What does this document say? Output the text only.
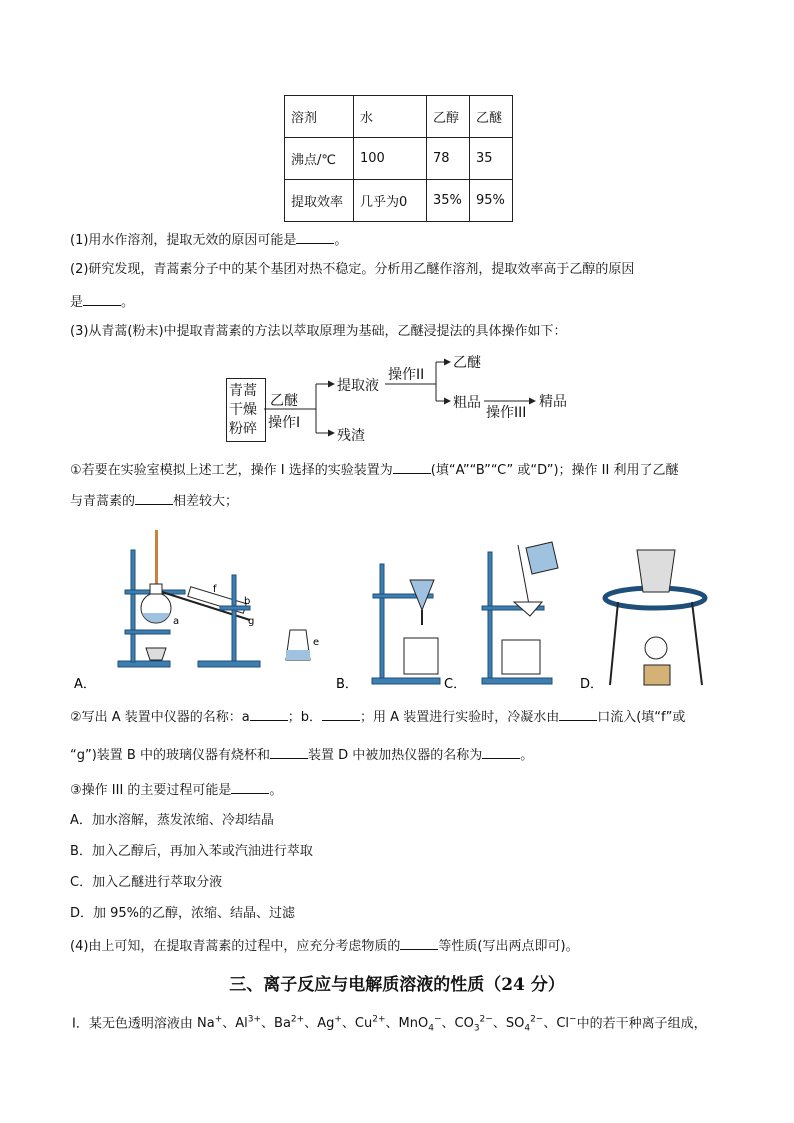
溶剂	水	乙醇	乙醚
沸点/℃	100	78	35
提取效率	几乎为0	35%	95%
(1)用水作溶剂，提取无效的原因可能是	。
(2)研究发现，青蒿素分子中的某个基团对热不稳定。分析用乙醚作溶剂，提取效率高于乙醇的原因
是	。
(3)从青蒿(粉末)中提取青蒿素的方法以萃取原理为基础，乙醚浸提法的具体操作如下：
青蒿
干燥
粉碎
乙醚
操作I
提取液
残渣
操作II
乙醚
粗品
操作III
精品
①若要在实验室模拟上述工艺，操作 I 选择的实验装置为	(填“A”“B”“C” 或“D”)；操作 II 利用了乙醚
与青蒿素的	相差较大；
a
f
b
g
e
A．	B．	C．	D．
②写出 A 装置中仪器的名称：a	；b．	；用 A 装置进行实验时，冷凝水由	口流入(填“f”或
“g”)装置 B 中的玻璃仪器有烧杯和	装置 D 中被加热仪器的名称为	。
③操作 III 的主要过程可能是	。
A．加水溶解，蒸发浓缩、冷却结晶
B．加入乙醇后，再加入苯或汽油进行萃取
C．加入乙醚进行萃取分液
D．加 95%的乙醇，浓缩、结晶、过滤
(4)由上可知，在提取青蒿素的过程中，应充分考虑物质的	等性质(写出两点即可)。
三、离子反应与电解质溶液的性质（24 分）
Ⅰ．某无色透明溶液由 Na+、$Al^{3+}$、$Ba^{2+}$、Ag+、$Cu^{2+}$、MnO$_4$−、$CO_3^{2-}$、$SO_4^{2-}$、Cl−中的若干种离子组成，
